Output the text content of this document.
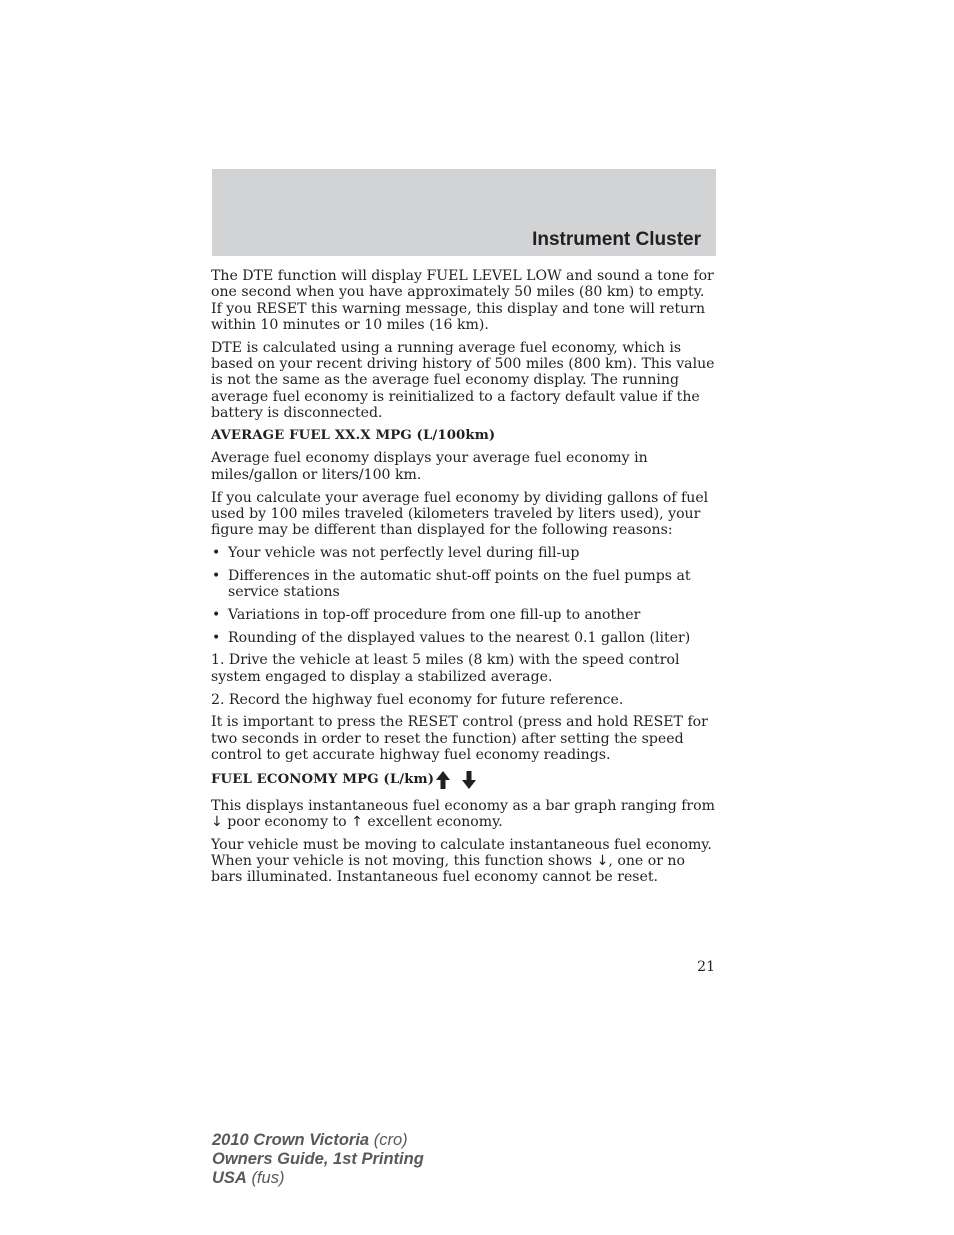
Instrument Cluster

The DTE function will display FUEL LEVEL LOW and sound a tone for one second when you have approximately 50 miles (80 km) to empty. If you RESET this warning message, this display and tone will return within 10 minutes or 10 miles (16 km).

DTE is calculated using a running average fuel economy, which is based on your recent driving history of 500 miles (800 km). This value is not the same as the average fuel economy display. The running average fuel economy is reinitialized to a factory default value if the battery is disconnected.

AVERAGE FUEL XX.X MPG (L/100km)

Average fuel economy displays your average fuel economy in miles/gallon or liters/100 km.

If you calculate your average fuel economy by dividing gallons of fuel used by 100 miles traveled (kilometers traveled by liters used), your figure may be different than displayed for the following reasons:

• Your vehicle was not perfectly level during fill-up
• Differences in the automatic shut-off points on the fuel pumps at service stations
• Variations in top-off procedure from one fill-up to another
• Rounding of the displayed values to the nearest 0.1 gallon (liter)

1. Drive the vehicle at least 5 miles (8 km) with the speed control system engaged to display a stabilized average.

2. Record the highway fuel economy for future reference.

It is important to press the RESET control (press and hold RESET for two seconds in order to reset the function) after setting the speed control to get accurate highway fuel economy readings.

FUEL ECONOMY MPG (L/km)

This displays instantaneous fuel economy as a bar graph ranging from ↓ poor economy to ↑ excellent economy.

Your vehicle must be moving to calculate instantaneous fuel economy. When your vehicle is not moving, this function shows ↓, one or no bars illuminated. Instantaneous fuel economy cannot be reset.

21
2010 Crown Victoria (cro)
Owners Guide, 1st Printing
USA (fus)
